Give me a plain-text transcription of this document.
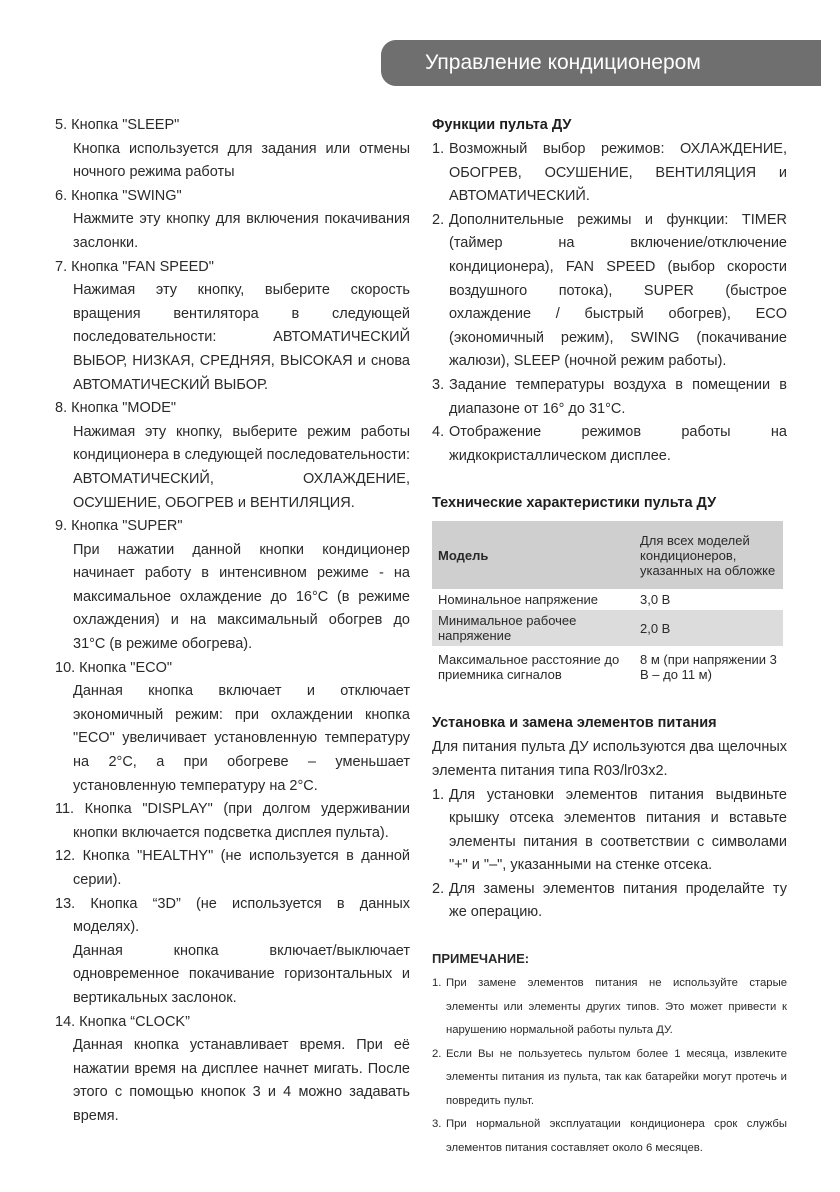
Управление кондиционером
5. Кнопка "SLEEP"

Кнопка используется для задания или отмены ночного режима работы

6. Кнопка "SWING"

Нажмите эту кнопку для включения покачивания заслонки.

7. Кнопка "FAN SPEED"

Нажимая эту кнопку, выберите скорость вращения вентилятора в следующей последовательности: АВТОМАТИЧЕСКИЙ ВЫБОР, НИЗКАЯ, СРЕДНЯЯ, ВЫСОКАЯ и снова АВТОМАТИЧЕСКИЙ ВЫБОР.

8. Кнопка "MODE"

Нажимая эту кнопку, выберите режим работы кондиционера в следующей последовательности: АВТОМАТИЧЕСКИЙ, ОХЛАЖДЕНИЕ, ОСУШЕНИЕ, ОБОГРЕВ и ВЕНТИЛЯЦИЯ.

9. Кнопка "SUPER"

При нажатии данной кнопки кондиционер начинает работу в интенсивном режиме - на максимальное охлаждение до 16°С (в режиме охлаждения) и на максимальный обогрев до 31°С (в режиме обогрева).

10. Кнопка "ECO"

Данная кнопка включает и отключает экономичный режим: при охлаждении кнопка "ECO" увеличивает установленную температуру на 2°С, а при обогреве – уменьшает установленную температуру на 2°С.

11. Кнопка "DISPLAY" (при долгом удерживании кнопки включается подсветка дисплея пульта).

12. Кнопка "HEALTHY" (не используется в данной серии).

13. Кнопка “3D” (не используется в данных моделях).

Данная кнопка включает/выключает одновременное покачивание горизонтальных и вертикальных заслонок.

14. Кнопка “CLOCK”

Данная кнопка устанавливает время. При её нажатии время на дисплее начнет мигать. После этого с помощью кнопок 3 и 4 можно задавать время.

Функции пульта ДУ
1. Возможный выбор режимов: ОХЛАЖДЕНИЕ, ОБОГРЕВ, ОСУШЕНИЕ, ВЕНТИЛЯЦИЯ и АВТОМАТИЧЕСКИЙ.
2. Дополнительные режимы и функции: TIMER (таймер на включение/отключение кондиционера), FAN SPEED (выбор скорости воздушного потока), SUPER (быстрое охлаждение / быстрый обогрев), ECO (экономичный режим), SWING (покачивание жалюзи), SLEEP (ночной режим работы).
3. Задание температуры воздуха в помещении в диапазоне от 16° до 31°С.
4. Отображение режимов работы на жидкокристаллическом дисплее.
Технические характеристики пульта ДУ
Модель	Для всех моделей кондиционеров, указанных на обложке
Номинальное напряжение	3,0 В
Минимальное рабочее напряжение	2,0 В
Максимальное расстояние до приемника сигналов	8 м (при напряжении 3 В – до 11 м)
Установка и замена элементов питания

Для питания пульта ДУ используются два щелочных элемента питания типа R03/lr03x2.

1. Для установки элементов питания выдвиньте крышку отсека элементов питания и вставьте элементы питания в соответствии с символами "+" и "–", указанными на стенке отсека.
2. Для замены элементов питания проделайте ту же операцию.
ПРИМЕЧАНИЕ:
1. При замене элементов питания не используйте старые элементы или элементы других типов. Это может привести к нарушению нормальной работы пульта ДУ.
2. Если Вы не пользуетесь пультом более 1 месяца, извлеките элементы питания из пульта, так как батарейки могут протечь и повредить пульт.
3. При нормальной эксплуатации кондиционера срок службы элементов питания составляет около 6 месяцев.
